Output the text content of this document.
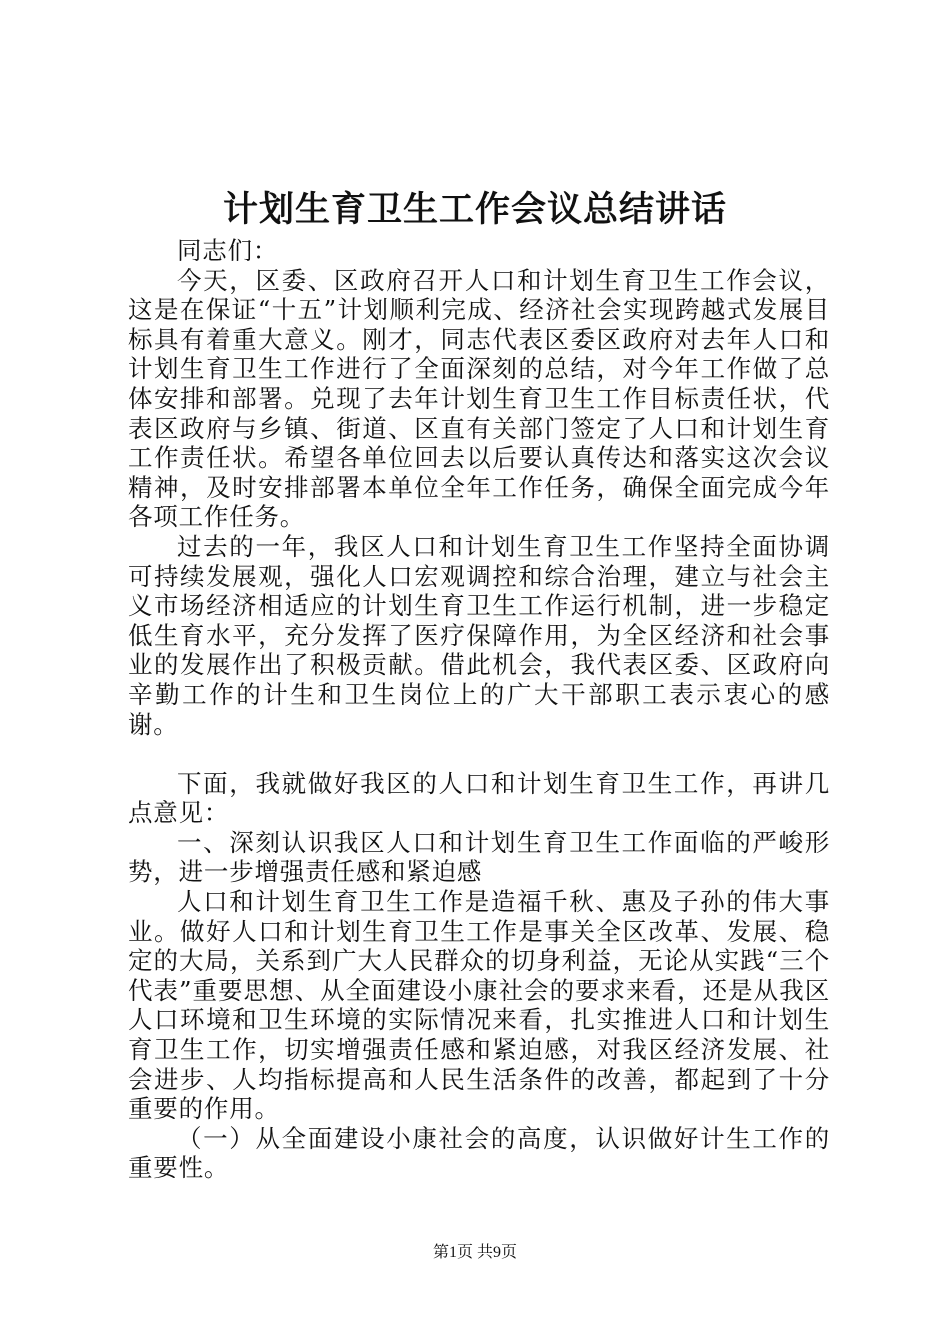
计划生育卫生工作会议总结讲话

同志们：

今天，区委、区政府召开人口和计划生育卫生工作会议，这是在保证“十五”计划顺利完成、经济社会实现跨越式发展目标具有着重大意义。刚才，同志代表区委区政府对去年人口和计划生育卫生工作进行了全面深刻的总结，对今年工作做了总体安排和部署。兑现了去年计划生育卫生工作目标责任状，代表区政府与乡镇、街道、区直有关部门签定了人口和计划生育工作责任状。希望各单位回去以后要认真传达和落实这次会议精神，及时安排部署本单位全年工作任务，确保全面完成今年各项工作任务。

过去的一年，我区人口和计划生育卫生工作坚持全面协调可持续发展观，强化人口宏观调控和综合治理，建立与社会主义市场经济相适应的计划生育卫生工作运行机制，进一步稳定低生育水平，充分发挥了医疗保障作用，为全区经济和社会事业的发展作出了积极贡献。借此机会，我代表区委、区政府向辛勤工作的计生和卫生岗位上的广大干部职工表示衷心的感谢。

下面，我就做好我区的人口和计划生育卫生工作，再讲几点意见：

一、深刻认识我区人口和计划生育卫生工作面临的严峻形势，进一步增强责任感和紧迫感

人口和计划生育卫生工作是造福千秋、惠及子孙的伟大事业。做好人口和计划生育卫生工作是事关全区改革、发展、稳定的大局，关系到广大人民群众的切身利益，无论从实践“三个代表”重要思想、从全面建设小康社会的要求来看，还是从我区人口环境和卫生环境的实际情况来看，扎实推进人口和计划生育卫生工作，切实增强责任感和紧迫感，对我区经济发展、社会进步、人均指标提高和人民生活条件的改善，都起到了十分重要的作用。

（一）从全面建设小康社会的高度，认识做好计生工作的重要性。

第1页 共9页
